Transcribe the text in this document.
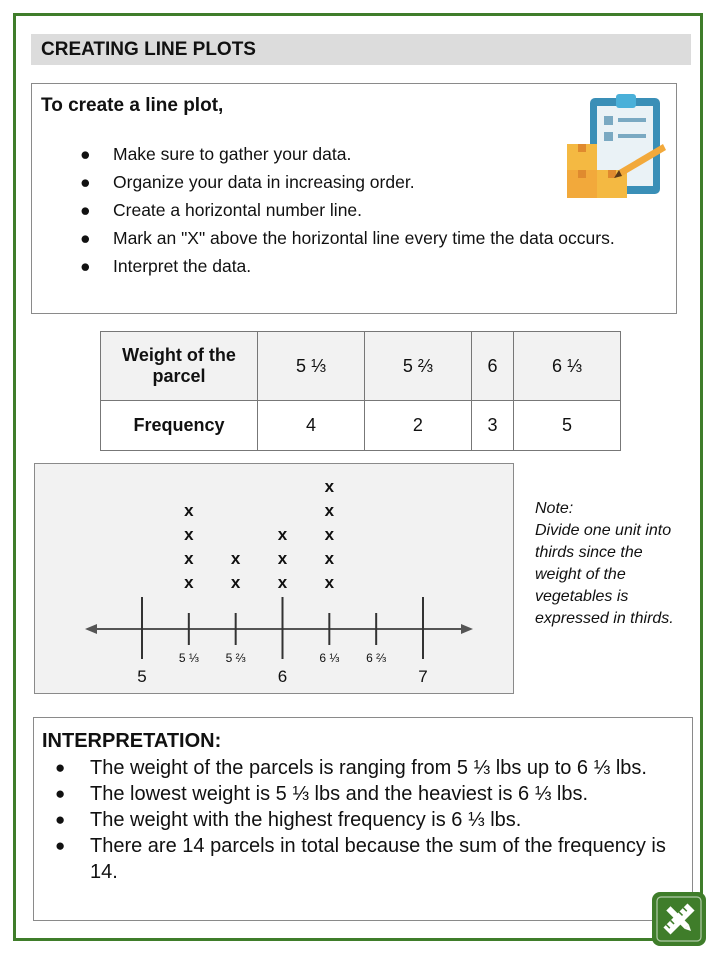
CREATING LINE PLOTS
To create a line plot,
● Make sure to gather your data.
● Organize your data in increasing order.
● Create a horizontal number line.
● Mark an "X" above the horizontal line every time the data occurs.
● Interpret the data.
Weight of the parcel	5 ⅓	5 ⅔	6	6 ⅓
Frequency	4	2	3	5
5	6	7
5 ⅓ 5 ⅔	6 ⅓ 6 ⅔
x
x
x
x
x
x
x
x
x
x
x
x
x
x
Note:
Divide one unit into thirds since the weight of the vegetables is expressed in thirds.
INTERPRETATION:
● The weight of the parcels is ranging from 5 ⅓ lbs up to 6 ⅓ lbs.
● The lowest weight is 5 ⅓ lbs and the heaviest is 6 ⅓ lbs.
● The weight with the highest frequency is 6 ⅓ lbs.
● There are 14 parcels in total because the sum of the frequency is 14.
